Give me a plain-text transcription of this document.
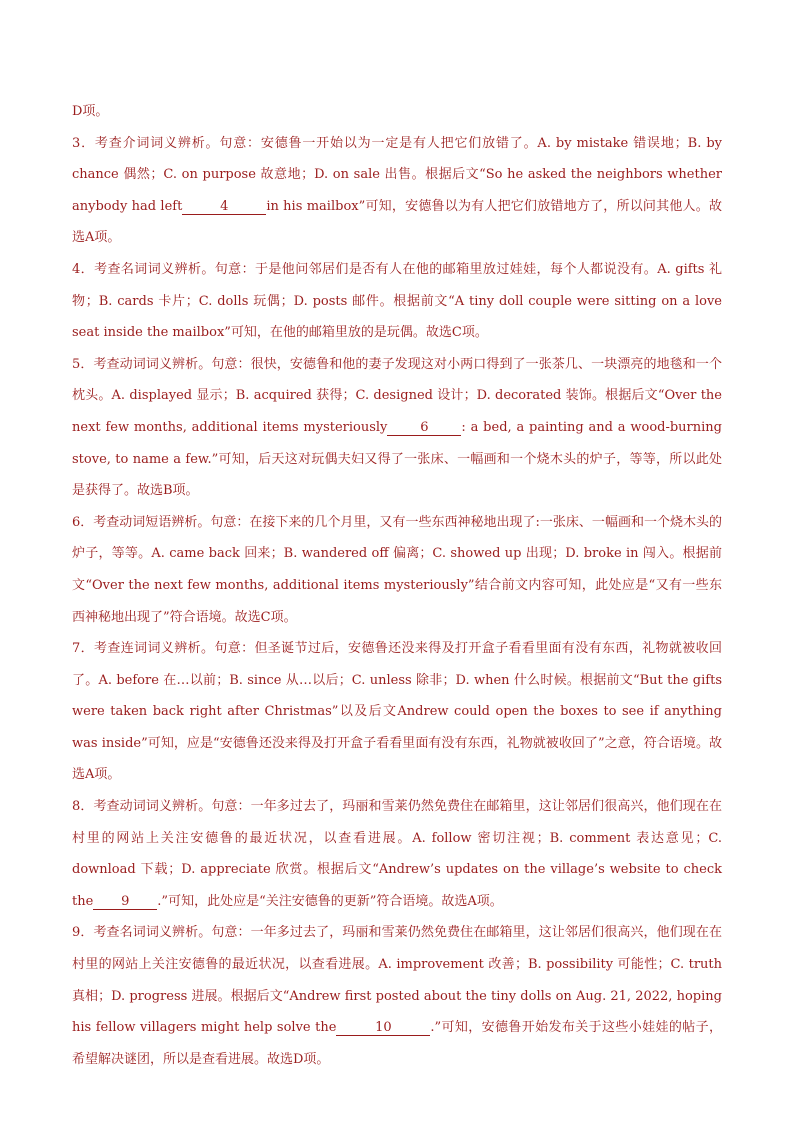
D项。

3．考查介词词义辨析。句意：安德鲁一开始以为一定是有人把它们放错了。A. by mistake 错误地；B. by chance 偶然；C. on purpose 故意地；D. on sale 出售。根据后文“So he asked the neighbors whether anybody had left	4	in his mailbox”可知，安德鲁以为有人把它们放错地方了，所以问其他人。故选A项。

4．考查名词词义辨析。句意：于是他问邻居们是否有人在他的邮箱里放过娃娃，每个人都说没有。A. gifts 礼物；B. cards 卡片；C. dolls 玩偶；D. posts 邮件。根据前文“A tiny doll couple were sitting on a love seat inside the mailbox”可知，在他的邮箱里放的是玩偶。故选C项。

5．考查动词词义辨析。句意：很快，安德鲁和他的妻子发现这对小两口得到了一张茶几、一块漂亮的地毯和一个枕头。A. displayed 显示；B. acquired 获得；C. designed 设计；D. decorated 装饰。根据后文“Over the next few months, additional items mysteriously	6	: a bed, a painting and a wood-burning stove, to name a few.”可知，后天这对玩偶夫妇又得了一张床、一幅画和一个烧木头的炉子，等等，所以此处是获得了。故选B项。

6．考查动词短语辨析。句意：在接下来的几个月里，又有一些东西神秘地出现了:一张床、一幅画和一个烧木头的炉子，等等。A. came back 回来；B. wandered off 偏离；C. showed up 出现；D. broke in 闯入。根据前文“Over the next few months, additional items mysteriously”结合前文内容可知，此处应是“又有一些东西神秘地出现了”符合语境。故选C项。

7．考查连词词义辨析。句意：但圣诞节过后，安德鲁还没来得及打开盒子看看里面有没有东西，礼物就被收回了。A. before 在…以前；B. since 从…以后；C. unless 除非；D. when 什么时候。根据前文“But the gifts were taken back right after Christmas”以及后文Andrew could open the boxes to see if anything was inside”可知，应是“安德鲁还没来得及打开盒子看看里面有没有东西，礼物就被收回了”之意，符合语境。故选A项。

8．考查动词词义辨析。句意：一年多过去了，玛丽和雪莱仍然免费住在邮箱里，这让邻居们很高兴，他们现在在村里的网站上关注安德鲁的最近状况，以查看进展。A. follow 密切注视；B. comment 表达意见；C. download 下载；D. appreciate 欣赏。根据后文“Andrew’s updates on the village’s website to check the 9 .”可知，此处应是“关注安德鲁的更新”符合语境。故选A项。

9．考查名词词义辨析。句意：一年多过去了，玛丽和雪莱仍然免费住在邮箱里，这让邻居们很高兴，他们现在在村里的网站上关注安德鲁的最近状况，以查看进展。A. improvement 改善；B. possibility 可能性；C. truth 真相；D. progress 进展。根据后文“Andrew first posted about the tiny dolls on Aug. 21, 2022, hoping his fellow villagers might help solve the	10	.”可知，安德鲁开始发布关于这些小娃娃的帖子，希望解决谜团，所以是查看进展。故选D项。
